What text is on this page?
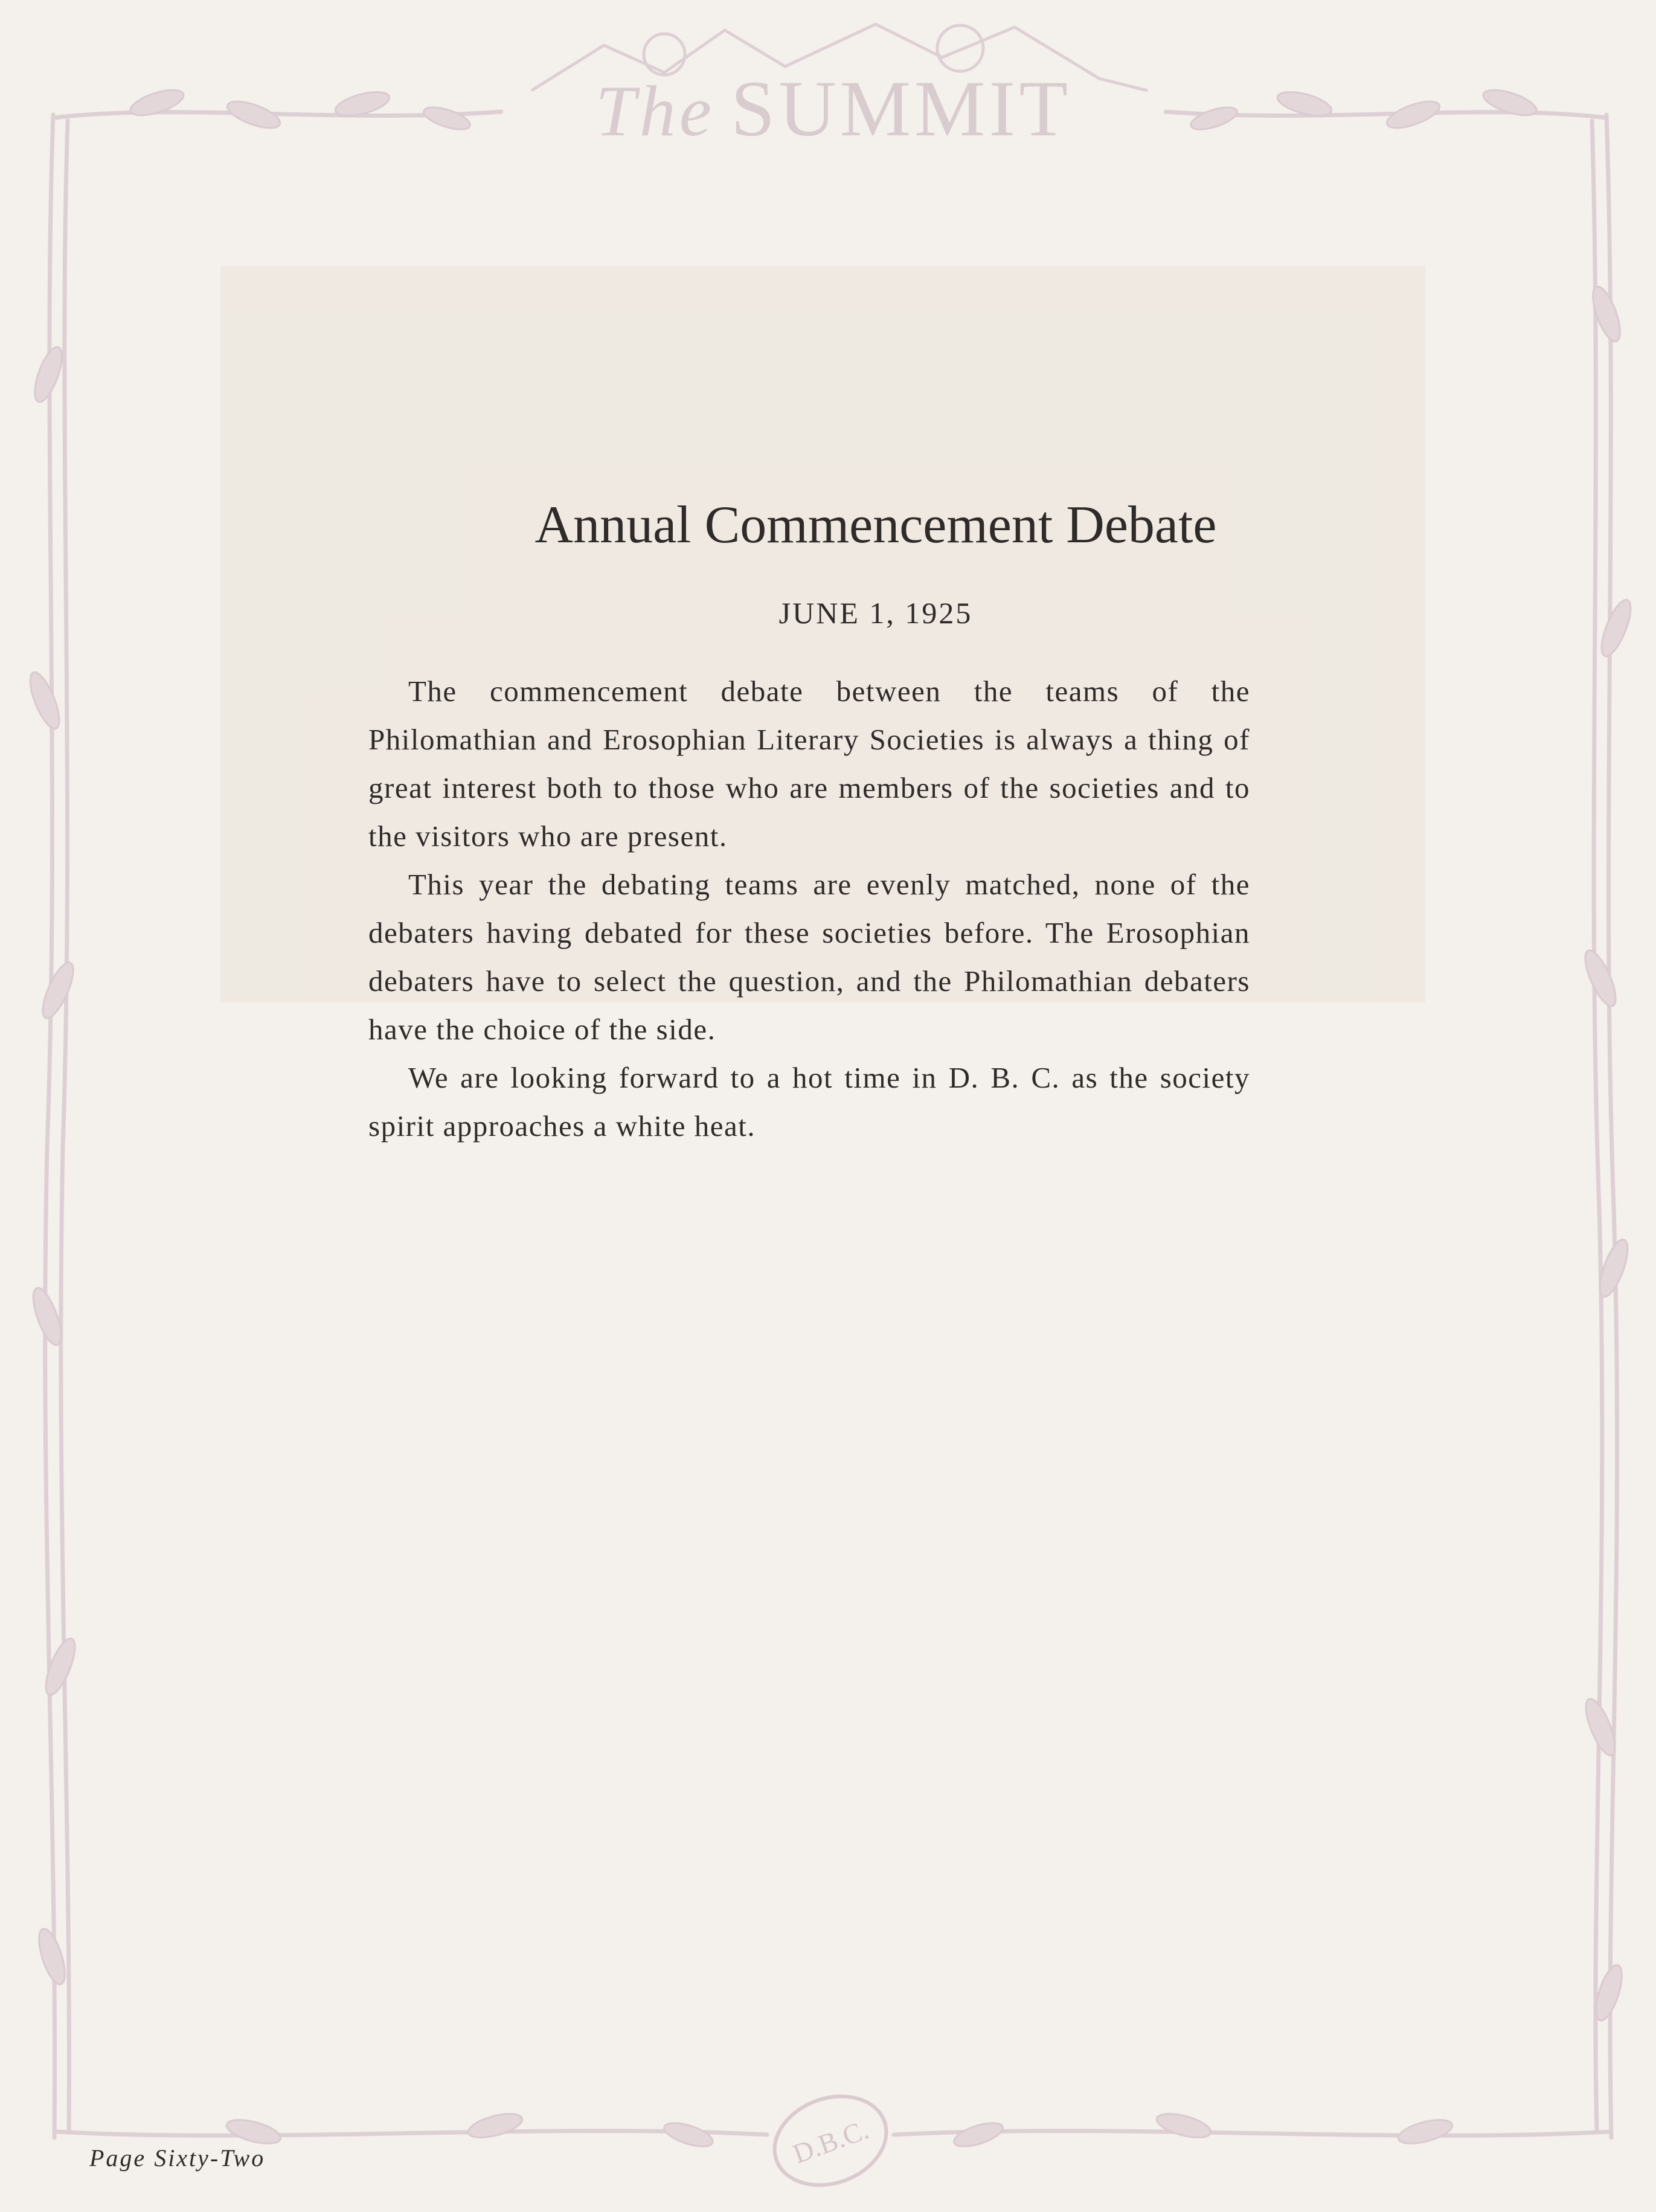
D.B.C.
The SUMMIT
Annual Commencement Debate
JUNE 1, 1925

The commencement debate between the teams of the Philomathian and Erosophian Literary Societies is always a thing of great interest both to those who are members of the societies and to the visitors who are present.

This year the debating teams are evenly matched, none of the debaters having debated for these societies before. The Erosophian debaters have to select the question, and the Philomathian debaters have the choice of the side.

We are looking forward to a hot time in D. B. C. as the society spirit approaches a white heat.

Page Sixty-Two
